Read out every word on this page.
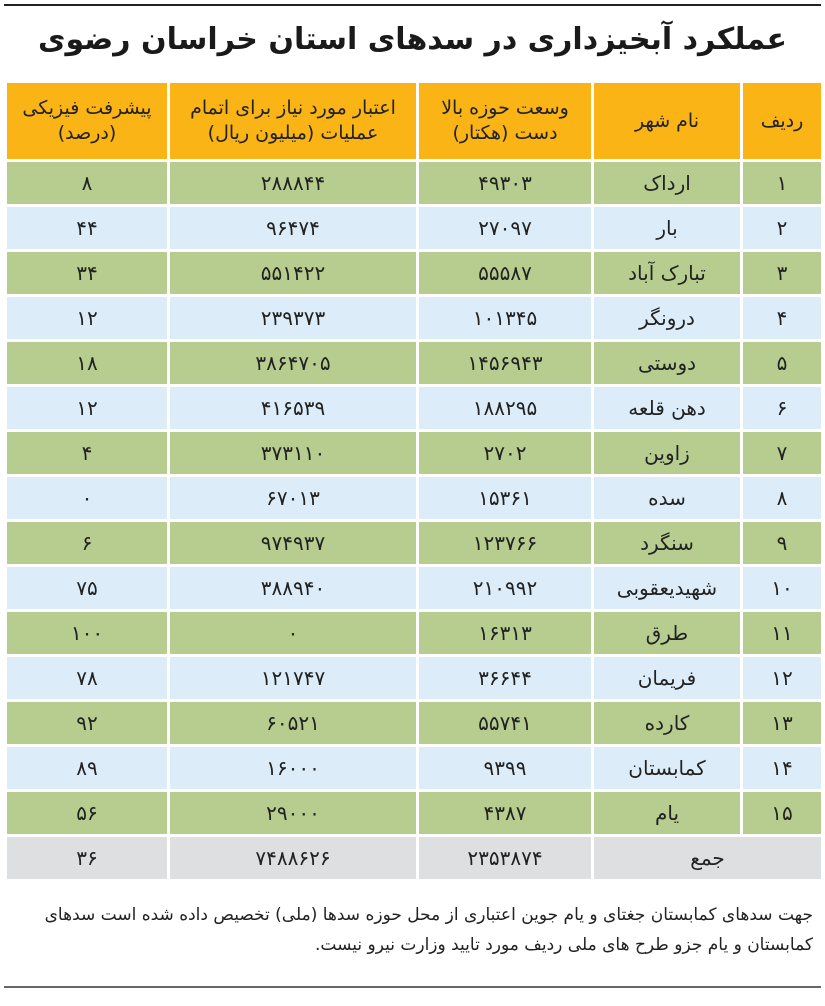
عملکرد آبخیزداری در سدهای استان خراسان رضوی
ردیف	نام شهر	وسعت حوزه بالا دست (هکتار)	اعتبار مورد نیاز برای اتمام عملیات (میلیون ریال)	پیشرفت فیزیکی (درصد)
۱	ارداک	۴۹۳۰۳	۲۸۸۸۴۴	۸
۲	بار	۲۷۰۹۷	۹۶۴۷۴	۴۴
۳	تبارک آباد	۵۵۵۸۷	۵۵۱۴۲۲	۳۴
۴	درونگر	۱۰۱۳۴۵	۲۳۹۳۷۳	۱۲
۵	دوستی	۱۴۵۶۹۴۳	۳۸۶۴۷۰۵	۱۸
۶	دهن قلعه	۱۸۸۲۹۵	۴۱۶۵۳۹	۱۲
۷	زاوین	۲۷۰۲	۳۷۳۱۱۰	۴
۸	سده	۱۵۳۶۱	۶۷۰۱۳	۰
۹	سنگرد	۱۲۳۷۶۶	۹۷۴۹۳۷	۶
۱۰	شهیدیعقوبی	۲۱۰۹۹۲	۳۸۸۹۴۰	۷۵
۱۱	طرق	۱۶۳۱۳	۰	۱۰۰
۱۲	فریمان	۳۶۶۴۴	۱۲۱۷۴۷	۷۸
۱۳	کارده	۵۵۷۴۱	۶۰۵۲۱	۹۲
۱۴	کمابستان	۹۳۹۹	۱۶۰۰۰	۸۹
۱۵	یام	۴۳۸۷	۲۹۰۰۰	۵۶
جمع		۲۳۵۳۸۷۴	۷۴۸۸۶۲۶	۳۶
جهت سدهای کمابستان جغتای و یام جوین اعتباری از محل حوزه سدها (ملی) تخصیص داده شده است سدهای کمابستان و یام جزو طرح های ملی ردیف مورد تایید وزارت نیرو نیست.
